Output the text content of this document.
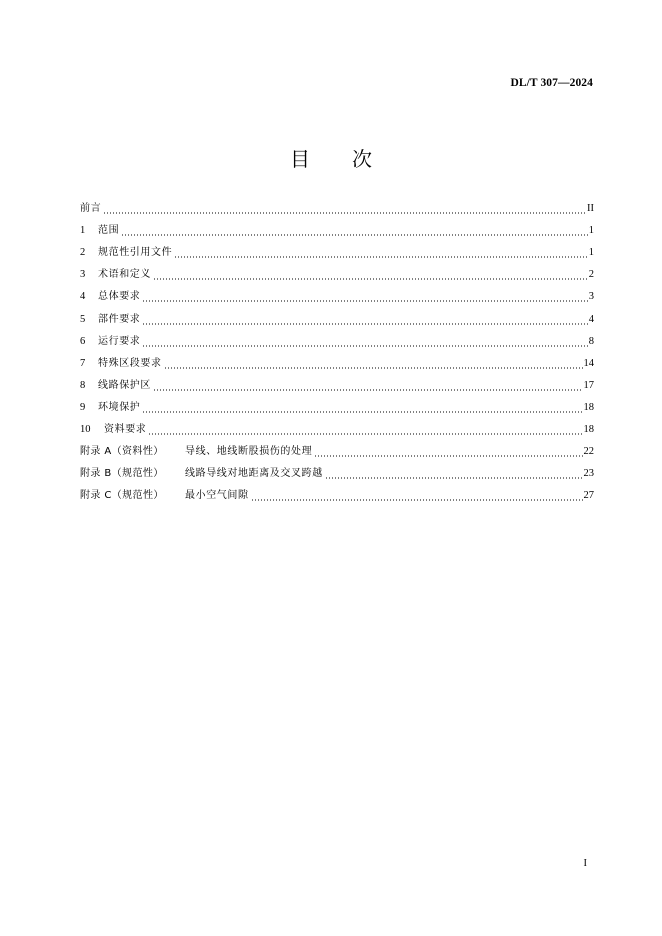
DL/T 307—2024
目次
前言	II
1	范围	1
2	规范性引用文件	1
3	术语和定义	2
4	总体要求	3
5	部件要求	4
6	运行要求	8
7	特殊区段要求	14
8	线路保护区	17
9	环境保护	18
10	资料要求	18
附录 A（资料性）	导线、地线断股损伤的处理	22
附录 B（规范性）	线路导线对地距离及交叉跨越	23
附录 C（规范性）	最小空气间隙	27
I
